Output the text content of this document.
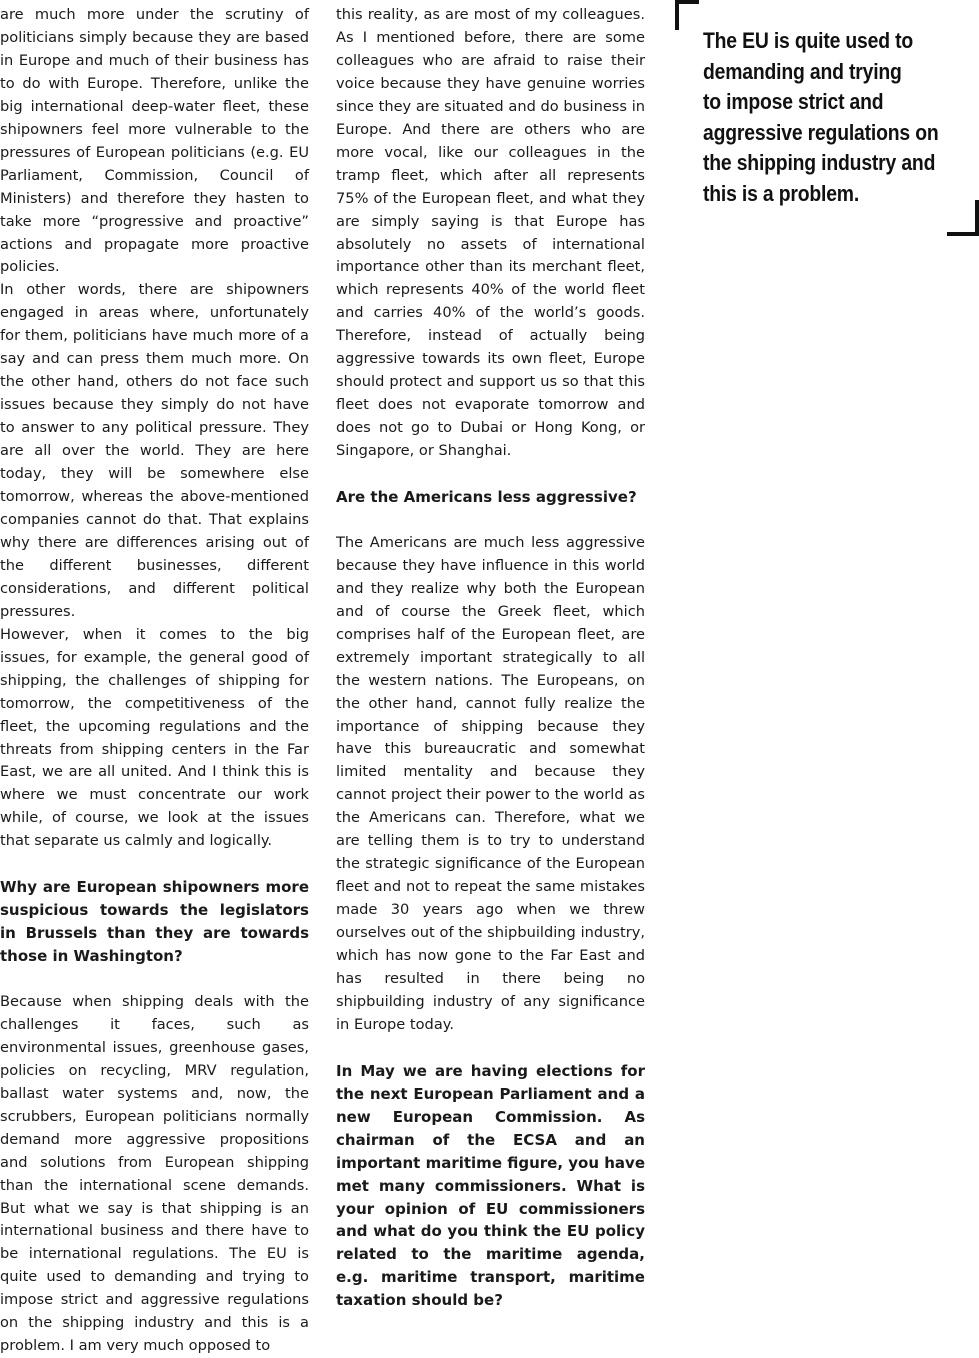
are much more under the scrutiny of politicians simply because they are based in Europe and much of their business has to do with Europe. Therefore, unlike the big international deep-water fleet, these shipowners feel more vulnerable to the pressures of European politicians (e.g. EU Parliament, Commission, Council of Ministers) and therefore they hasten to take more “progressive and proactive” actions and propagate more proactive policies.

In other words, there are shipowners engaged in areas where, unfortunately for them, politicians have much more of a say and can press them much more. On the other hand, others do not face such issues because they simply do not have to answer to any political pressure. They are all over the world. They are here today, they will be somewhere else tomorrow, whereas the above-mentioned companies cannot do that. That explains why there are differences arising out of the different businesses, different considerations, and different political pressures.

However, when it comes to the big issues, for example, the general good of shipping, the challenges of shipping for tomorrow, the competitiveness of the fleet, the upcoming regulations and the threats from shipping centers in the Far East, we are all united. And I think this is where we must concentrate our work while, of course, we look at the issues that separate us calmly and logically.

Why are European shipowners more suspicious towards the legislators in Brussels than they are towards those in Washington?

Because when shipping deals with the challenges it faces, such as environmental issues, greenhouse gases, policies on recycling, MRV regulation, ballast water systems and, now, the scrubbers, European politicians normally demand more aggressive propositions and solutions from European shipping than the international scene demands. But what we say is that shipping is an international business and there have to be international regulations. The EU is quite used to demanding and trying to impose strict and aggressive regulations on the shipping industry and this is a problem. I am very much opposed to

this reality, as are most of my colleagues. As I mentioned before, there are some colleagues who are afraid to raise their voice because they have genuine worries since they are situated and do business in Europe. And there are others who are more vocal, like our colleagues in the tramp fleet, which after all represents 75% of the European fleet, and what they are simply saying is that Europe has absolutely no assets of international importance other than its merchant fleet, which represents 40% of the world fleet and carries 40% of the world’s goods. Therefore, instead of actually being aggressive towards its own fleet, Europe should protect and support us so that this fleet does not evaporate tomorrow and does not go to Dubai or Hong Kong, or Singapore, or Shanghai.

Are the Americans less aggressive?

The Americans are much less aggressive because they have influence in this world and they realize why both the European and of course the Greek fleet, which comprises half of the European fleet, are extremely important strategically to all the western nations. The Europeans, on the other hand, cannot fully realize the importance of shipping because they have this bureaucratic and somewhat limited mentality and because they cannot project their power to the world as the Americans can. Therefore, what we are telling them is to try to understand the strategic significance of the European fleet and not to repeat the same mistakes made 30 years ago when we threw ourselves out of the shipbuilding industry, which has now gone to the Far East and has resulted in there being no shipbuilding industry of any significance in Europe today.

In May we are having elections for the next European Parliament and a new European Commission. As chairman of the ECSA and an important maritime figure, you have met many commissioners. What is your opinion of EU commissioners and what do you think the EU policy related to the maritime agenda, e.g. maritime transport, maritime taxation should be?
The EU is quite used to
demanding and trying
to impose strict and
aggressive regulations on
the shipping industry and
this is a problem.
